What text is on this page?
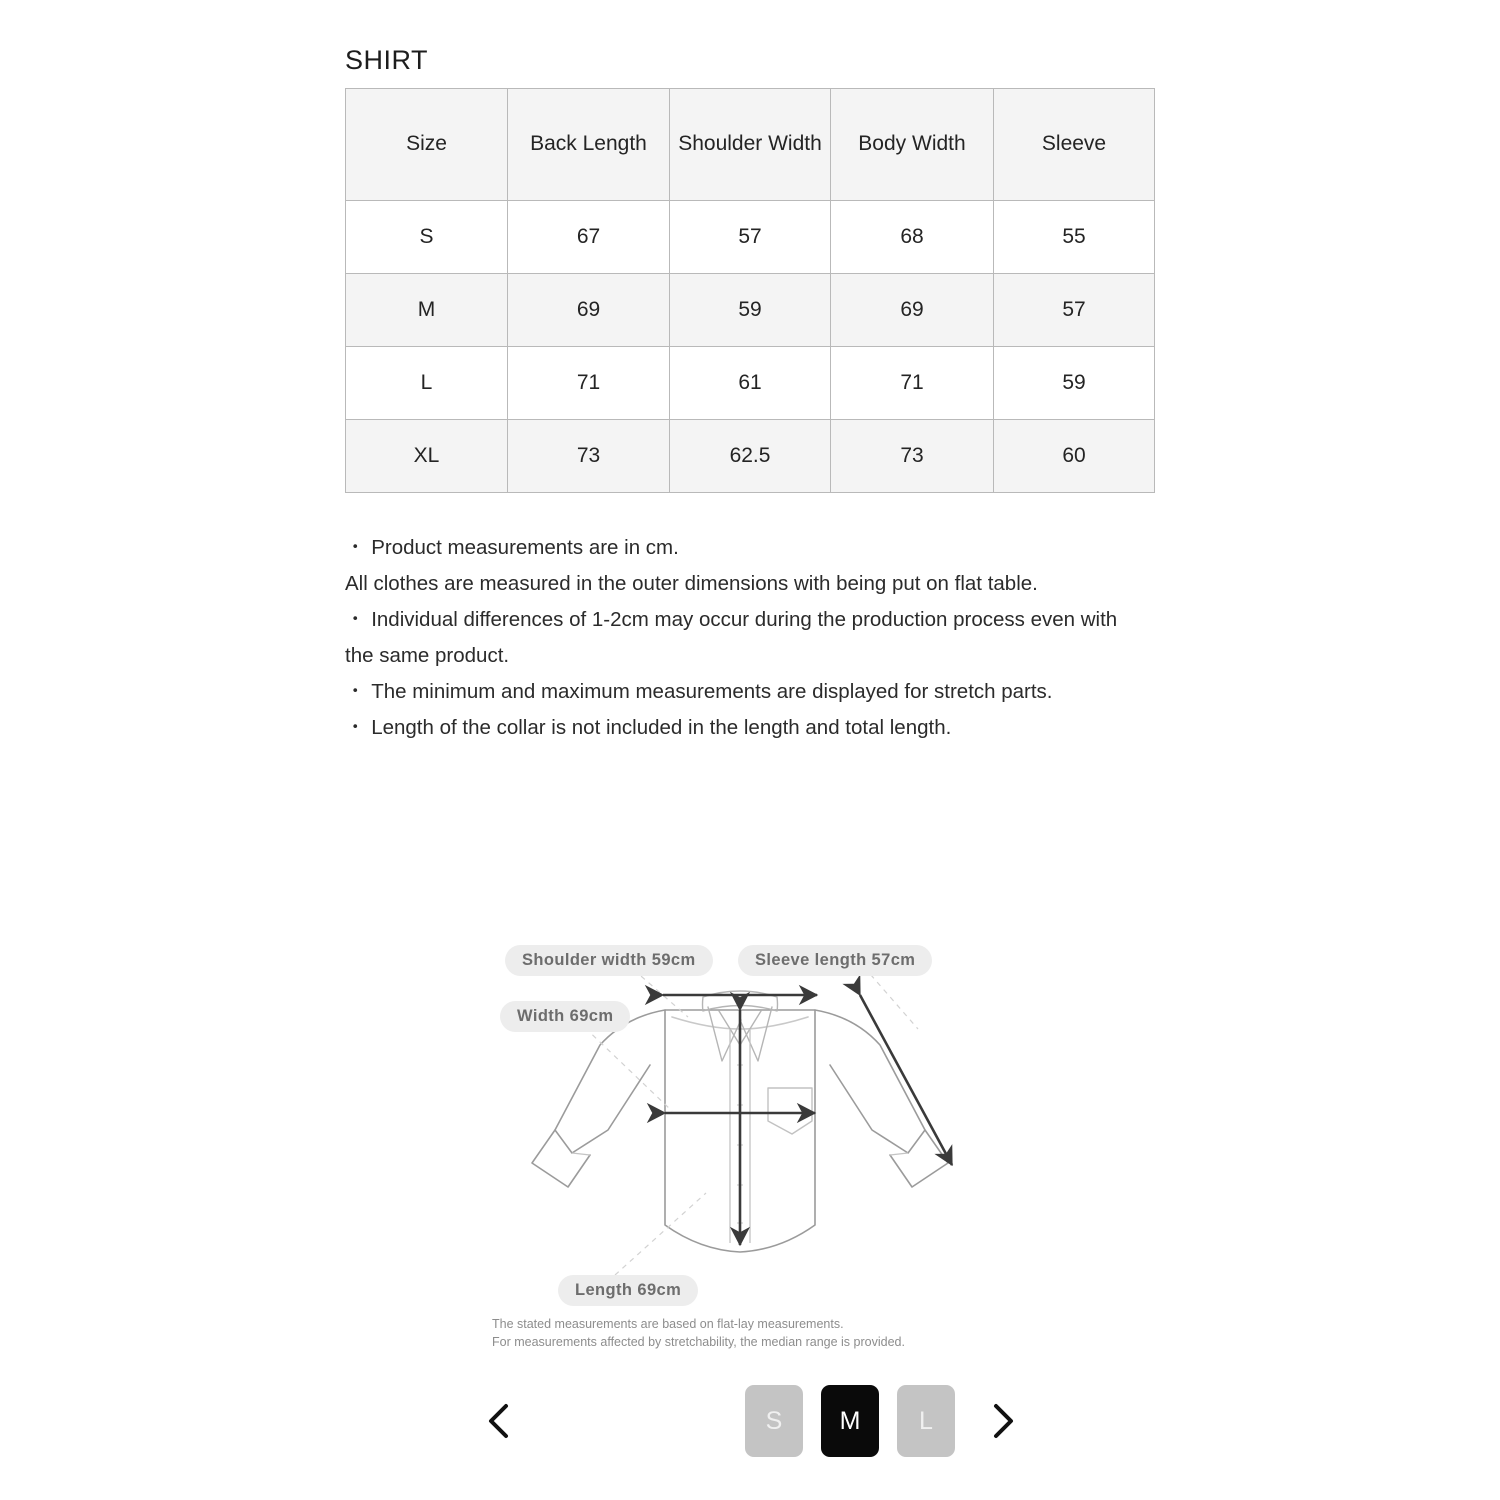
SHIRT
Size	Back Length	Shoulder Width	Body Width	Sleeve
S	67	57	68	55
M	69	59	69	57
L	71	61	71	59
XL	73	62.5	73	60
・ Product measurements are in cm.
All clothes are measured in the outer dimensions with being put on flat table.
・ Individual differences of 1-2cm may occur during the production process even with the same product.
・ The minimum and maximum measurements are displayed for stretch parts.
・ Length of the collar is not included in the length and total length.
Shoulder width 59cm	Sleeve length 57cm
Width 69cm
Length 69cm
The stated measurements are based on flat-lay measurements.
For measurements affected by stretchability, the median range is provided.
S	M	L
